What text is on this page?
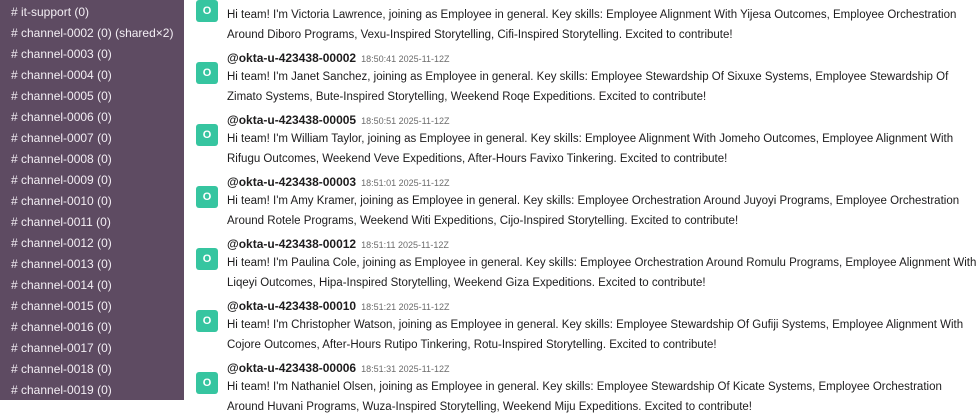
# it-support (0)
# channel-0002 (0) (shared×2)
# channel-0003 (0)
# channel-0004 (0)
# channel-0005 (0)
# channel-0006 (0)
# channel-0007 (0)
# channel-0008 (0)
# channel-0009 (0)
# channel-0010 (0)
# channel-0011 (0)
# channel-0012 (0)
# channel-0013 (0)
# channel-0014 (0)
# channel-0015 (0)
# channel-0016 (0)
# channel-0017 (0)
# channel-0018 (0)
# channel-0019 (0)
O	Hi team! I'm Victoria Lawrence, joining as Employee in general. Key skills: Employee Alignment With Yijesa Outcomes, Employee Orchestration Around Diboro Programs, Vexu-Inspired Storytelling, Cifi-Inspired Storytelling. Excited to contribute!
O
@okta-u-423438-00002 18:50:41 2025-11-12Z
Hi team! I'm Janet Sanchez, joining as Employee in general. Key skills: Employee Stewardship Of Sixuxe Systems, Employee Stewardship Of Zimato Systems, Bute-Inspired Storytelling, Weekend Roqe Expeditions. Excited to contribute!
O
@okta-u-423438-00005 18:50:51 2025-11-12Z
Hi team! I'm William Taylor, joining as Employee in general. Key skills: Employee Alignment With Jomeho Outcomes, Employee Alignment With Rifugu Outcomes, Weekend Veve Expeditions, After-Hours Favixo Tinkering. Excited to contribute!
O
@okta-u-423438-00003 18:51:01 2025-11-12Z
Hi team! I'm Amy Kramer, joining as Employee in general. Key skills: Employee Orchestration Around Juyoyi Programs, Employee Orchestration Around Rotele Programs, Weekend Witi Expeditions, Cijo-Inspired Storytelling. Excited to contribute!
O
@okta-u-423438-00012 18:51:11 2025-11-12Z
Hi team! I'm Paulina Cole, joining as Employee in general. Key skills: Employee Orchestration Around Romulu Programs, Employee Alignment With Liqeyi Outcomes, Hipa-Inspired Storytelling, Weekend Giza Expeditions. Excited to contribute!
O
@okta-u-423438-00010 18:51:21 2025-11-12Z
Hi team! I'm Christopher Watson, joining as Employee in general. Key skills: Employee Stewardship Of Gufiji Systems, Employee Alignment With Cojore Outcomes, After-Hours Rutipo Tinkering, Rotu-Inspired Storytelling. Excited to contribute!
O
@okta-u-423438-00006 18:51:31 2025-11-12Z
Hi team! I'm Nathaniel Olsen, joining as Employee in general. Key skills: Employee Stewardship Of Kicate Systems, Employee Orchestration Around Huvani Programs, Wuza-Inspired Storytelling, Weekend Miju Expeditions. Excited to contribute!
